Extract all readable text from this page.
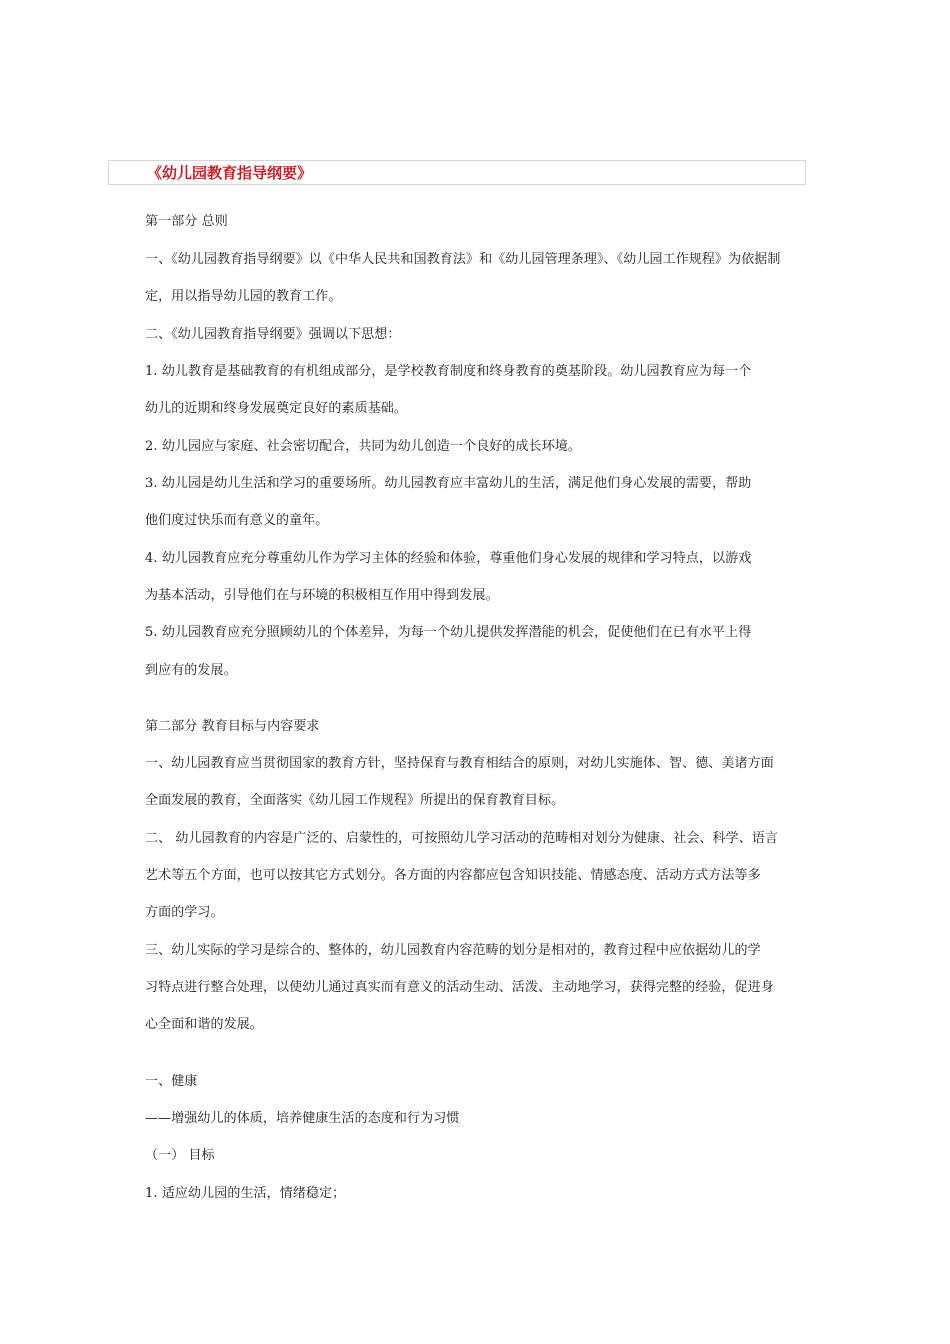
《幼儿园教育指导纲要》
第一部分 总则
一、《幼儿园教育指导纲要》以《中华人民共和国教育法》和《幼儿园管理条理》、《幼儿园工作规程》为依据制
定，用以指导幼儿园的教育工作。
二、《幼儿园教育指导纲要》强调以下思想：
1. 幼儿教育是基础教育的有机组成部分，是学校教育制度和终身教育的奠基阶段。幼儿园教育应为每一个
幼儿的近期和终身发展奠定良好的素质基础。
2. 幼儿园应与家庭、社会密切配合，共同为幼儿创造一个良好的成长环境。
3. 幼儿园是幼儿生活和学习的重要场所。幼儿园教育应丰富幼儿的生活，满足他们身心发展的需要，帮助
他们度过快乐而有意义的童年。
4. 幼儿园教育应充分尊重幼儿作为学习主体的经验和体验，尊重他们身心发展的规律和学习特点，以游戏
为基本活动，引导他们在与环境的积极相互作用中得到发展。
5. 幼儿园教育应充分照顾幼儿的个体差异，为每一个幼儿提供发挥潜能的机会，促使他们在已有水平上得
到应有的发展。
第二部分 教育目标与内容要求
一、幼儿园教育应当贯彻国家的教育方针，坚持保育与教育相结合的原则，对幼儿实施体、智、德、美诸方面
全面发展的教育，全面落实《幼儿园工作规程》所提出的保育教育目标。
二、 幼儿园教育的内容是广泛的、启蒙性的，可按照幼儿学习活动的范畴相对划分为健康、社会、科学、语言
艺术等五个方面，也可以按其它方式划分。各方面的内容都应包含知识技能、情感态度、活动方式方法等多
方面的学习。
三、幼儿实际的学习是综合的、整体的，幼儿园教育内容范畴的划分是相对的，教育过程中应依据幼儿的学
习特点进行整合处理，以使幼儿通过真实而有意义的活动生动、活泼、主动地学习，获得完整的经验，促进身
心全面和谐的发展。
一、健康
——增强幼儿的体质，培养健康生活的态度和行为习惯
（一） 目标
1. 适应幼儿园的生活，情绪稳定；
